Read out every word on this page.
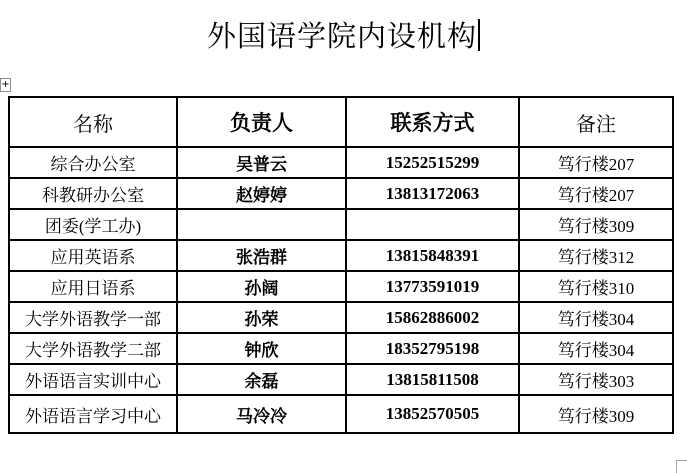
外国语学院内设机构
+
名称	负责人	联系方式	备注
综合办公室	吴普云	15252515299	笃行楼207
科教研办公室	赵婷婷	13813172063	笃行楼207
团委(学工办)			笃行楼309
应用英语系	张浩群	13815848391	笃行楼312
应用日语系	孙阔	13773591019	笃行楼310
大学外语教学一部	孙荣	15862886002	笃行楼304
大学外语教学二部	钟欣	18352795198	笃行楼304
外语语言实训中心	余磊	13815811508	笃行楼303
外语语言学习中心	马冷冷	13852570505	笃行楼309
